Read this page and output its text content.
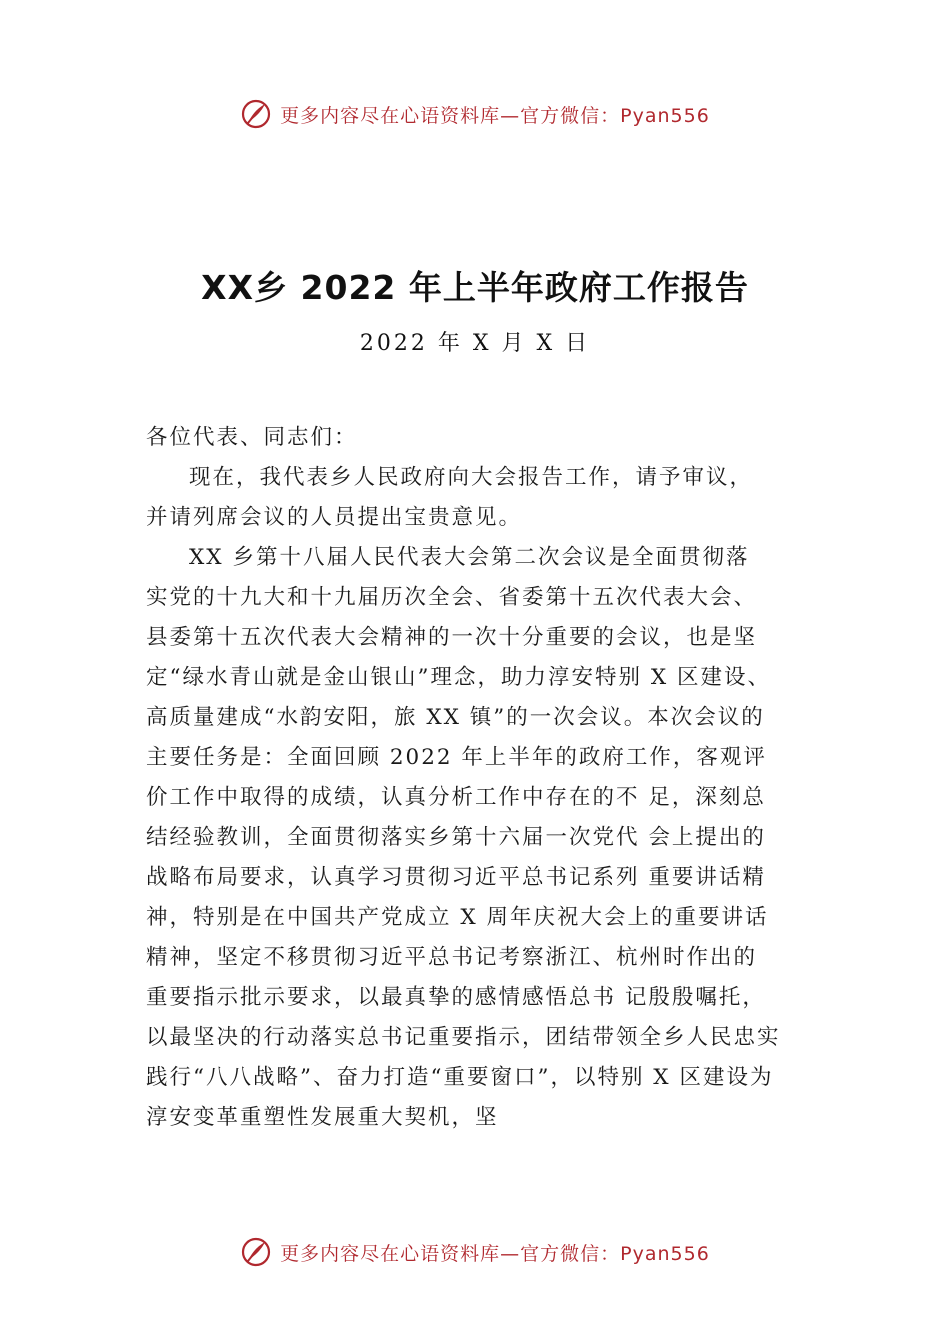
更多内容尽在心语资料库—官方微信：Pyan556
XX乡 2022 年上半年政府工作报告
2022 年 X 月 X 日

各位代表、同志们：

现在，我代表乡人民政府向大会报告工作，请予审议，
并请列席会议的人员提出宝贵意见。

XX 乡第十八届人民代表大会第二次会议是全面贯彻落
实党的十九大和十九届历次全会、省委第十五次代表大会、
县委第十五次代表大会精神的一次十分重要的会议，也是坚
定“绿水青山就是金山银山”理念，助力淳安特别 X 区建设、
高质量建成“水韵安阳，旅 XX 镇”的一次会议。本次会议的
主要任务是：全面回顾 2022 年上半年的政府工作，客观评
价工作中取得的成绩，认真分析工作中存在的不 足，深刻总
结经验教训，全面贯彻落实乡第十六届一次党代 会上提出的
战略布局要求，认真学习贯彻习近平总书记系列 重要讲话精
神，特别是在中国共产党成立 X 周年庆祝大会上的重要讲话
精神，坚定不移贯彻习近平总书记考察浙江、杭州时作出的
重要指示批示要求，以最真挚的感情感悟总书 记殷殷嘱托，
以最坚决的行动落实总书记重要指示，团结带领全乡人民忠实
践行“八八战略”、奋力打造“重要窗口”，以特别 X 区建设为
淳安变革重塑性发展重大契机，坚

更多内容尽在心语资料库—官方微信：Pyan556
